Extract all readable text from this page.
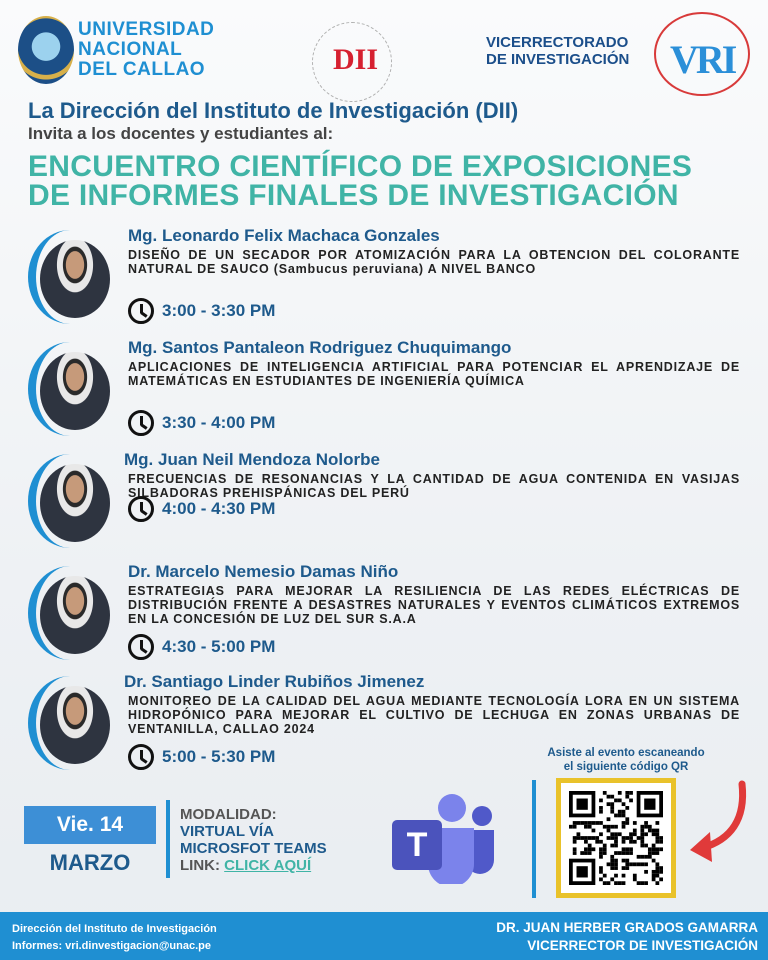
UNIVERSIDAD
NACIONAL
DEL CALLAO	DII
VICERRECTORADO
DE INVESTIGACIÓN VRI
La Dirección del Instituto de Investigación (DII)
Invita a los docentes y estudiantes al:
ENCUENTRO CIENTÍFICO DE EXPOSICIONES
DE INFORMES FINALES DE INVESTIGACIÓN
Mg. Leonardo Felix Machaca Gonzales
DISEÑO DE UN SECADOR POR ATOMIZACIÓN PARA LA OBTENCION DEL COLORANTE NATURAL DE SAUCO (Sambucus peruviana) A NIVEL BANCO
3:00 - 3:30 PM
Mg. Santos Pantaleon Rodriguez Chuquimango
APLICACIONES DE INTELIGENCIA ARTIFICIAL PARA POTENCIAR EL APRENDIZAJE DE MATEMÁTICAS EN ESTUDIANTES DE INGENIERÍA QUÍMICA
3:30 - 4:00 PM
Mg. Juan Neil Mendoza Nolorbe
FRECUENCIAS DE RESONANCIAS Y LA CANTIDAD DE AGUA CONTENIDA EN VASIJAS SILBADORAS PREHISPÁNICAS DEL PERÚ
4:00 - 4:30 PM
Dr. Marcelo Nemesio Damas Niño
ESTRATEGIAS PARA MEJORAR LA RESILIENCIA DE LAS REDES ELÉCTRICAS DE DISTRIBUCIÓN FRENTE A DESASTRES NATURALES Y EVENTOS CLIMÁTICOS EXTREMOS EN LA CONCESIÓN DE LUZ DEL SUR S.A.A
4:30 - 5:00 PM
Dr. Santiago Linder Rubiños Jimenez
MONITOREO DE LA CALIDAD DEL AGUA MEDIANTE TECNOLOGÍA LORA EN UN SISTEMA HIDROPÓNICO PARA MEJORAR EL CULTIVO DE LECHUGA EN ZONAS URBANAS DE VENTANILLA, CALLAO 2024
5:00 - 5:30 PM
Vie. 14
MARZO
MODALIDAD:
VIRTUAL VÍA
MICROSFOT TEAMS
LINK: CLICK AQUÍ
T
Asiste al evento escaneando
el siguiente código QR
Dirección del Instituto de Investigación
Informes: vri.dinvestigacion@unac.pe
DR. JUAN HERBER GRADOS GAMARRA
VICERRECTOR DE INVESTIGACIÓN
